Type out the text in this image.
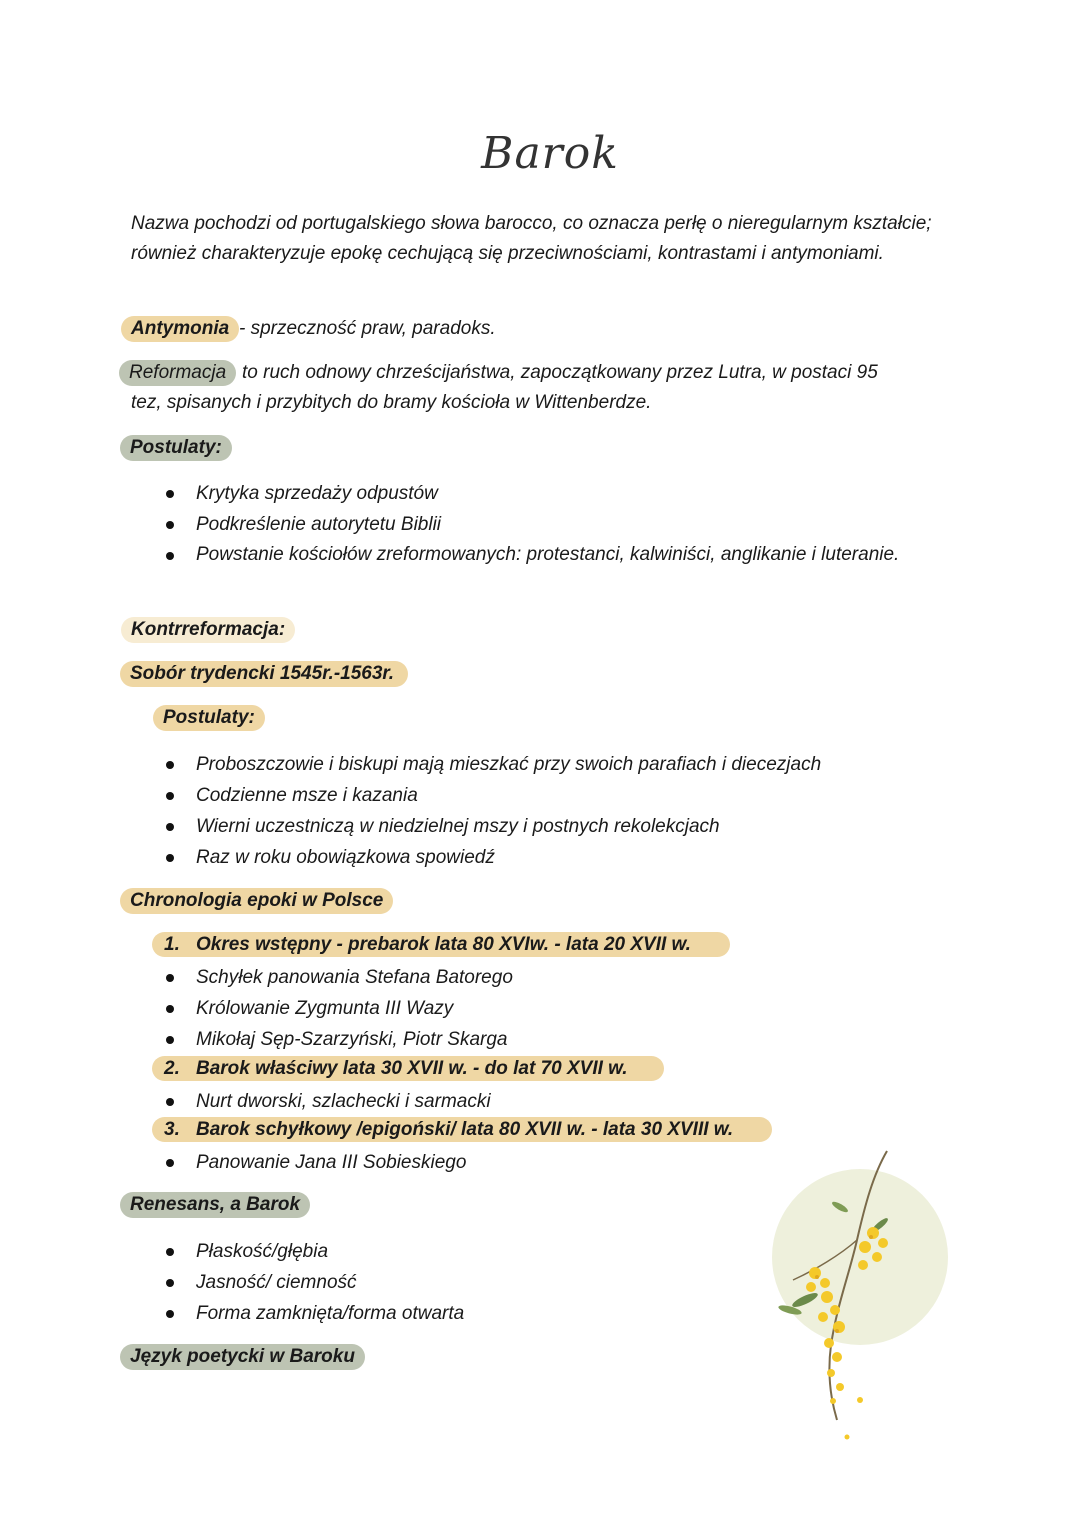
Barok

Nazwa pochodzi od portugalskiego słowa barocco, co oznacza perłę o nieregularnym kształcie; również charakteryzuje epokę cechującą się przeciwnościami, kontrastami i antymoniami.

Antymonia - sprzeczność praw, paradoks.
Reformacja to ruch odnowy chrześcijaństwa, zapoczątkowany przez Lutra, w postaci 95
tez, spisanych i przybitych do bramy kościoła w Wittenberdze.
Postulaty:
Krytyka sprzedaży odpustów
Podkreślenie autorytetu Biblii
Powstanie kościołów zreformowanych: protestanci, kalwiniści, anglikanie i luteranie.
Kontrreformacja:
Sobór trydencki 1545r.-1563r.
Postulaty:
Proboszczowie i biskupi mają mieszkać przy swoich parafiach i diecezjach
Codzienne msze i kazania
Wierni uczestniczą w niedzielnej mszy i postnych rekolekcjach
Raz w roku obowiązkowa spowiedź
Chronologia epoki w Polsce
1. Okres wstępny - prebarok lata 80 XVIw. - lata 20 XVII w.
Schyłek panowania Stefana Batorego
Królowanie Zygmunta III Wazy
Mikołaj Sęp-Szarzyński, Piotr Skarga
2. Barok właściwy lata 30 XVII w. - do lat 70 XVII w.
Nurt dworski, szlachecki i sarmacki
3. Barok schyłkowy /epigoński/ lata 80 XVII w. - lata 30 XVIII w.
Panowanie Jana III Sobieskiego
Renesans, a Barok
Płaskość/głębia
Jasność/ ciemność
Forma zamknięta/forma otwarta
Język poetycki w Baroku
